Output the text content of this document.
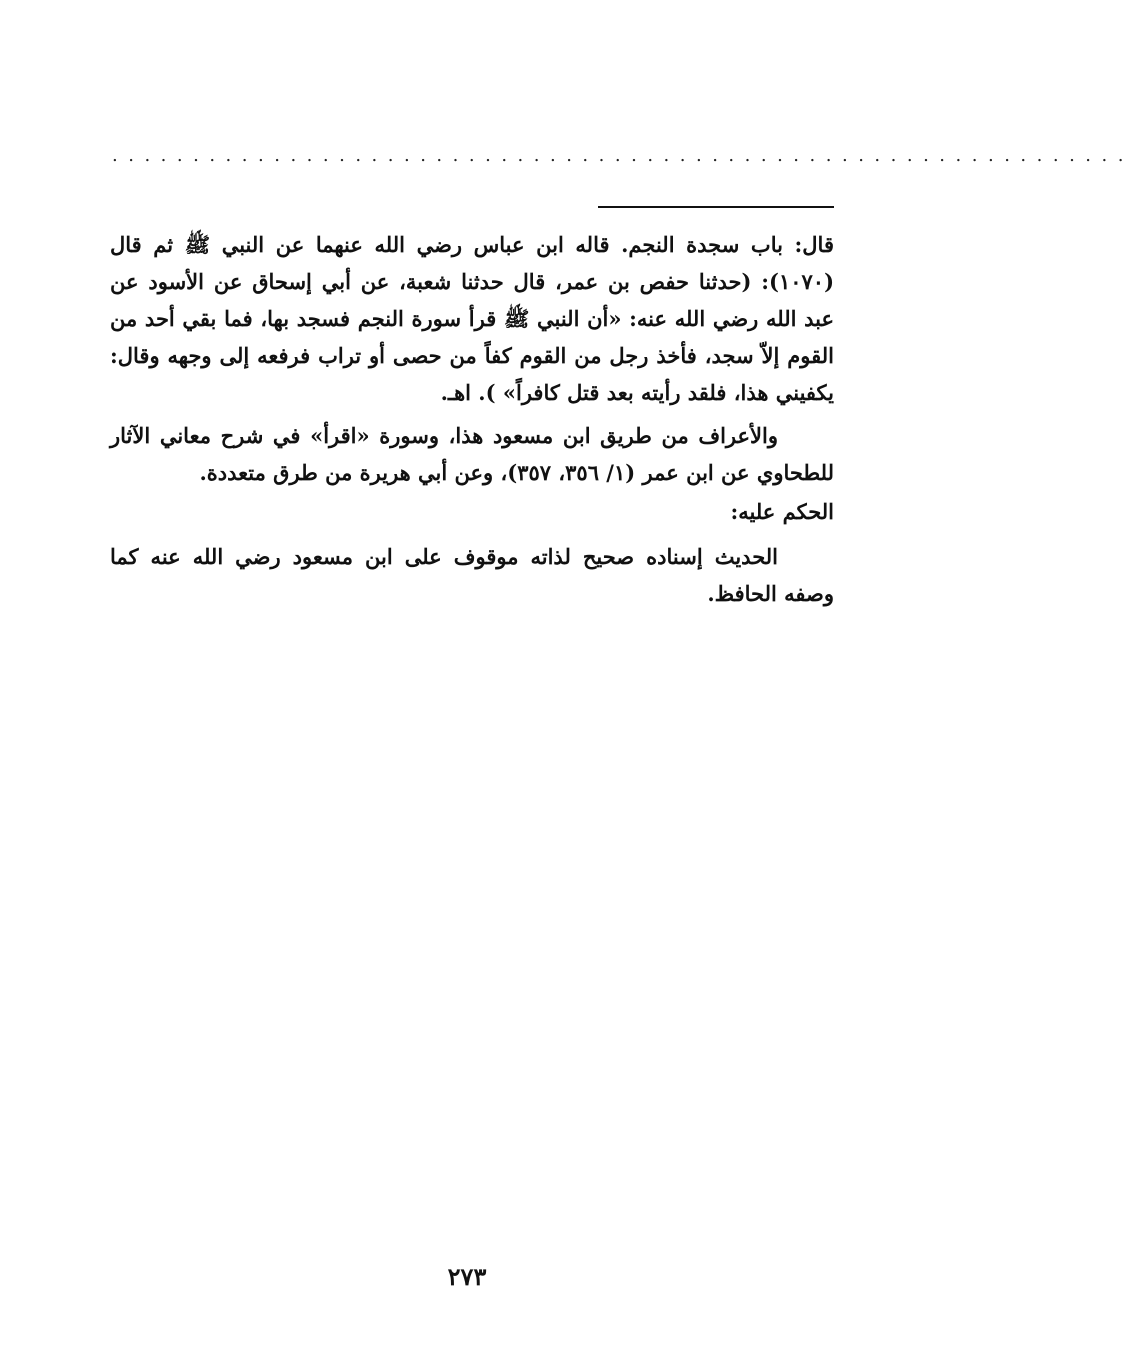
...............................................................

قال: باب سجدة النجم. قاله ابن عباس رضي الله عنهما عن النبي ﷺ ثم قال (١٠٧٠): (حدثنا حفص بن عمر، قال حدثنا شعبة، عن أبي إسحاق عن الأسود عن عبد الله رضي الله عنه: «أن النبي ﷺ قرأ سورة النجم فسجد بها، فما بقي أحد من القوم إلاّ سجد، فأخذ رجل من القوم كفاً من حصى أو تراب فرفعه إلى وجهه وقال: يكفيني هذا، فلقد رأيته بعد قتل كافراً» ). اهـ.

والأعراف من طريق ابن مسعود هذا، وسورة «اقرأ» في شرح معاني الآثار للطحاوي عن ابن عمر (١/ ٣٥٦، ٣٥٧)، وعن أبي هريرة من طرق متعددة.

الحكم عليه:

الحديث إسناده صحيح لذاته موقوف على ابن مسعود رضي الله عنه كما وصفه الحافظ.

٢٧٣
